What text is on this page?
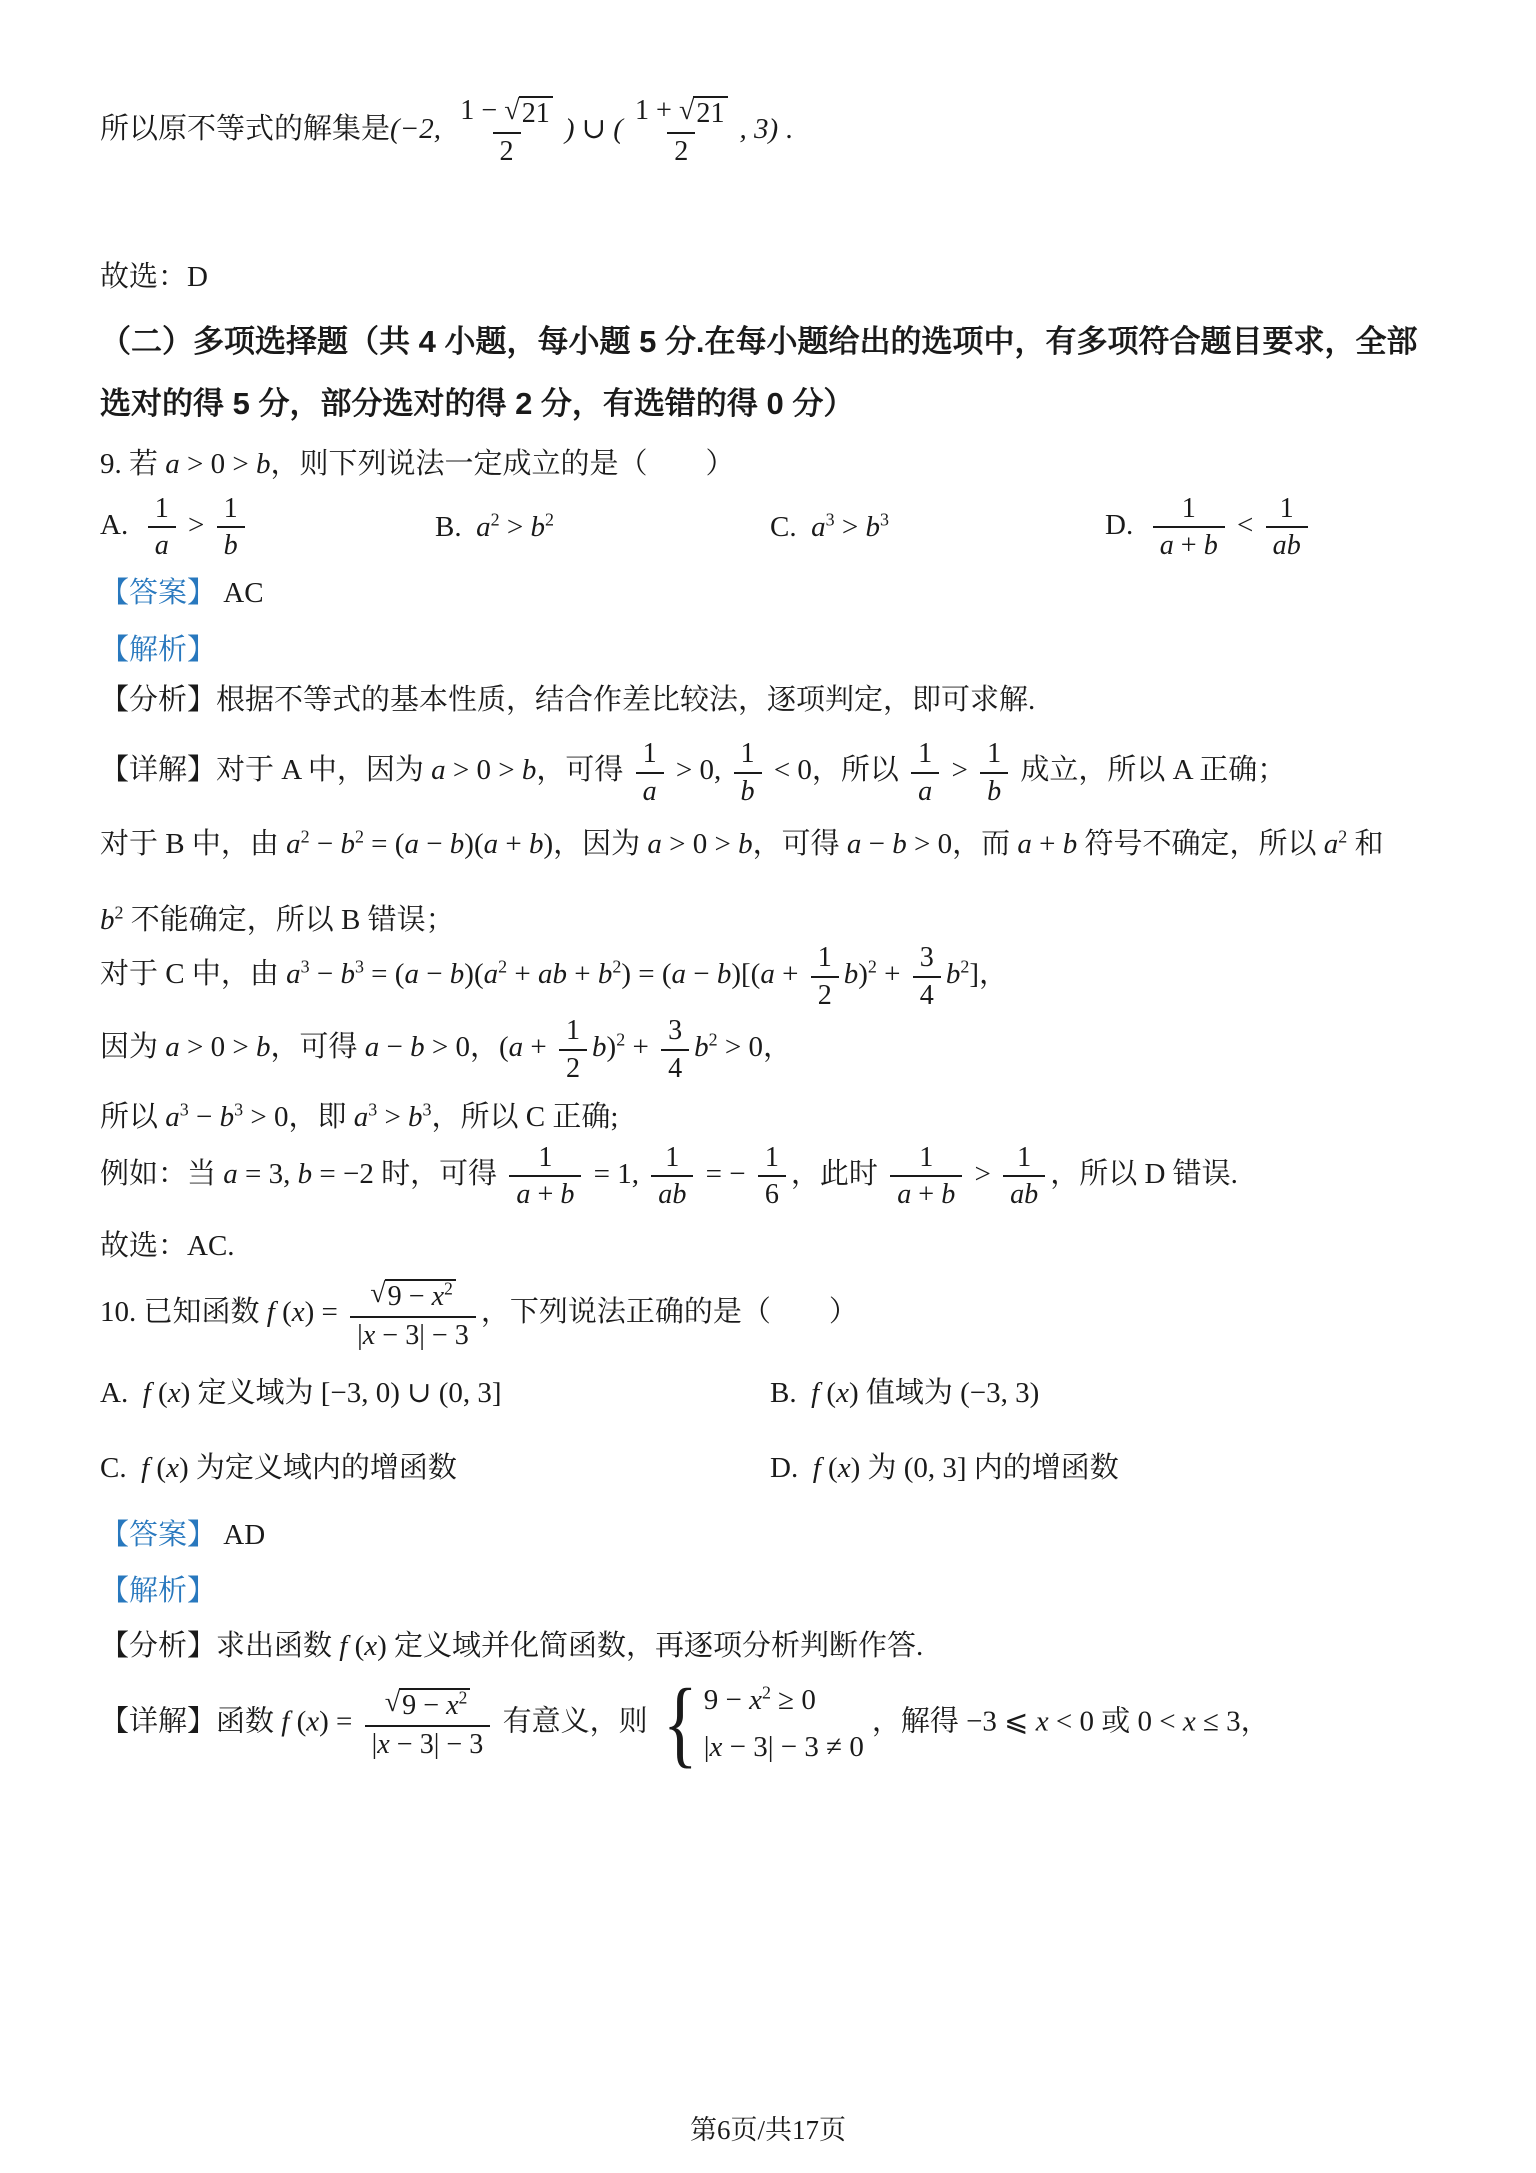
所以原不等式的解集是(−2, $\frac{1 - √ 21}{2}$ ) ∪ ( $\frac{1 + √ 21}{2}$ , 3) .
故选：D
（二）多项选择题（共 4 小题，每小题 5 分.在每小题给出的选项中，有多项符合题目要求，全部选对的得 5 分，部分选对的得 2 分，有选错的得 0 分）
9. 若 a > 0 > b，则下列说法一定成立的是（　　）
A. $\frac{1}{a} > \frac{1}{b}$	B.  $a^2 > b^2$	C.  $a^3 > b^3$	D. $\frac{1}{a + b} < \frac{1}{ab}$
【答案】 AC
【解析】
【分析】根据不等式的基本性质，结合作差比较法，逐项判定，即可求解.
【详解】对于 A 中，因为 a > 0 > b，可得 $\frac{1}{a} > 0$, $\frac{1}{b} < 0$，所以 $\frac{1}{a} > \frac{1}{b}$ 成立，所以 A 正确；
对于 B 中，由 $a^2 - b^2 = (a - b)(a + b)$，因为 a > 0 > b，可得 a − b > 0，而 a + b 符号不确定，所以 $a^2$ 和
$b^2$ 不能确定，所以 B 错误；
对于 C 中，由 $a^3 - b^3 = (a - b)(a^2$ + ab + $b^2) = (a - b)[(a + \frac{1}{2} b)^2 + \frac{3}{4} b^2]$，
因为 a > 0 > b，可得 a − b > 0，$(a + \frac{1}{2} b)^2 + \frac{3}{4} b^2 > 0$，
所以 $a^3 - b^3 > 0$，即 $a^3 > b^3$，所以 C 正确;
例如：当 a = 3, b = −2 时，可得 $\frac{1}{a + b} = 1$, $\frac{1}{ab}$ = − $\frac{1}{6}$ ，此时 $\frac{1}{a + b} > \frac{1}{ab}$ ，所以 D 错误.
故选：AC.
10. 已知函数 f $(x) = \frac{√ 9 - x^2}{|x - 3| - 3}$ ，下列说法正确的是（　　）
A.  f (x) 定义域为 [−3, 0) ∪ (0, 3]	B.  f (x) 值域为 (−3, 3)
C.  f (x) 为定义域内的增函数	D.  f (x) 为 (0, 3] 内的增函数
【答案】 AD
【解析】
【分析】求出函数 f (x) 定义域并化简函数，再逐项分析判断作答.
【详解】函数 f $(x) = \frac{√ 9 - x^2}{|x - 3| - 3}$ 有意义，则 { $9 - x^2 \ge 0$
|x − 3| − 3 ≠ 0
，解得 −3 ⩽ x < 0 或 0 < x ≤ 3，
第6页/共17页
